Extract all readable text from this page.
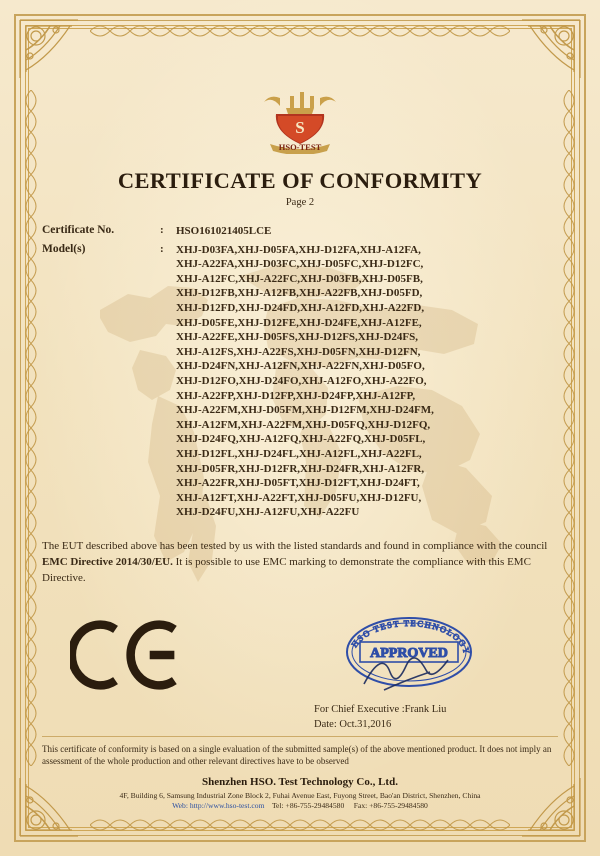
S
HSO-TEST
CERTIFICATE OF CONFORMITY
Page 2
Certificate No.	:	HSO161021405LCE
Model(s)	:	XHJ-D03FA,XHJ-D05FA,XHJ-D12FA,XHJ-A12FA,
XHJ-A22FA,XHJ-D03FC,XHJ-D05FC,XHJ-D12FC,
XHJ-A12FC,XHJ-A22FC,XHJ-D03FB,XHJ-D05FB,
XHJ-D12FB,XHJ-A12FB,XHJ-A22FB,XHJ-D05FD,
XHJ-D12FD,XHJ-D24FD,XHJ-A12FD,XHJ-A22FD,
XHJ-D05FE,XHJ-D12FE,XHJ-D24FE,XHJ-A12FE,
XHJ-A22FE,XHJ-D05FS,XHJ-D12FS,XHJ-D24FS,
XHJ-A12FS,XHJ-A22FS,XHJ-D05FN,XHJ-D12FN,
XHJ-D24FN,XHJ-A12FN,XHJ-A22FN,XHJ-D05FO,
XHJ-D12FO,XHJ-D24FO,XHJ-A12FO,XHJ-A22FO,
XHJ-A22FP,XHJ-D12FP,XHJ-D24FP,XHJ-A12FP,
XHJ-A22FM,XHJ-D05FM,XHJ-D12FM,XHJ-D24FM,
XHJ-A12FM,XHJ-A22FM,XHJ-D05FQ,XHJ-D12FQ,
XHJ-D24FQ,XHJ-A12FQ,XHJ-A22FQ,XHJ-D05FL,
XHJ-D12FL,XHJ-D24FL,XHJ-A12FL,XHJ-A22FL,
XHJ-D05FR,XHJ-D12FR,XHJ-D24FR,XHJ-A12FR,
XHJ-A22FR,XHJ-D05FT,XHJ-D12FT,XHJ-D24FT,
XHJ-A12FT,XHJ-A22FT,XHJ-D05FU,XHJ-D12FU,
XHJ-D24FU,XHJ-A12FU,XHJ-A22FU
The EUT described above has been tested by us with the listed standards and found in compliance with the council EMC Directive 2014/30/EU. It is possible to use EMC marking to demonstrate the compliance with this EMC Directive.
HSO TEST TECHNOLOGY
APPROVED
For Chief Executive :Frank Liu
Date: Oct.31,2016

This certificate of conformity is based on a single evaluation of the submitted sample(s) of the above mentioned product. It does not imply an assessment of the whole production and other relevant directives have to be observed

Shenzhen HSO. Test Technology Co., Ltd.
4F, Building 6, Samsung Industrial Zone Block 2, Fuhai Avenue East, Fuyong Street, Bao'an District, Shenzhen, China
Web: http://www.hso-test.com Tel: +86-755-29484580 Fax: +86-755-29484580
